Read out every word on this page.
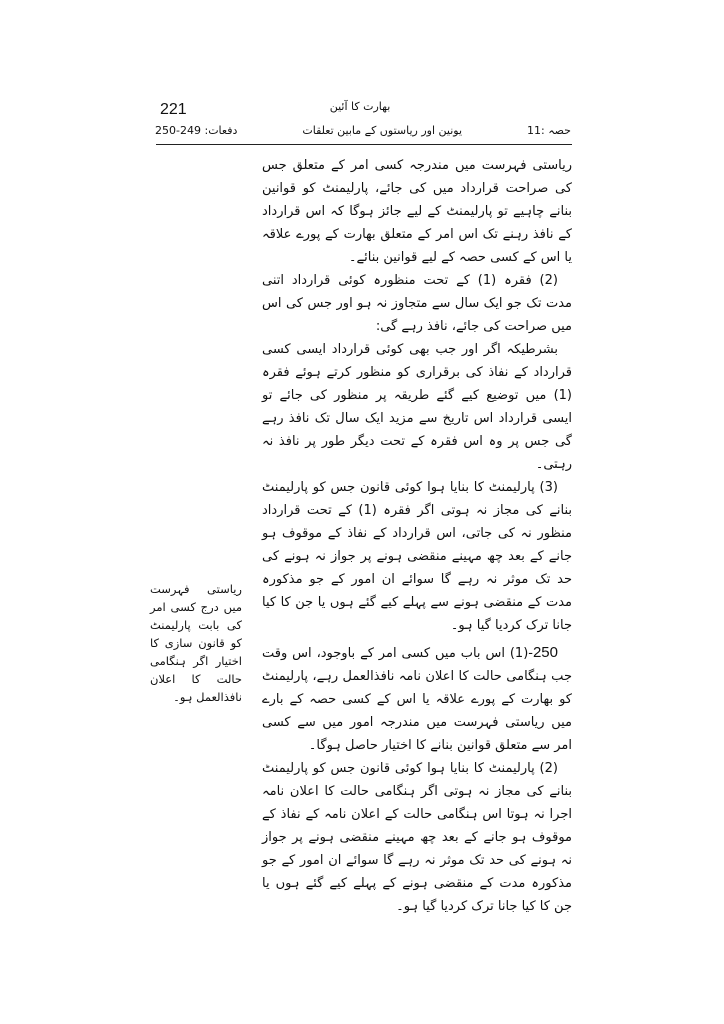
221	بھارت کا آئین
حصہ :11
یونین اور ریاستوں کے مابین تعلقات
دفعات: 249-250

ریاستی فہرست میں مندرجہ کسی امر کے متعلق جس کی صراحت قرارداد میں کی جائے، پارلیمنٹ کو قوانین بنانے چاہیے تو پارلیمنٹ کے لیے جائز ہوگا کہ اس قرارداد کے نافذ رہنے تک اس امر کے متعلق بھارت کے پورے علاقہ یا اس کے کسی حصہ کے لیے قوانین بنائے۔

(2) فقرہ (1) کے تحت منظورہ کوئی قرارداد اتنی مدت تک جو ایک سال سے متجاوز نہ ہو اور جس کی اس میں صراحت کی جائے، نافذ رہے گی:

بشرطیکہ اگر اور جب بھی کوئی قرارداد ایسی کسی قرارداد کے نفاذ کی برقراری کو منظور کرتے ہوئے فقرہ (1) میں توضیع کیے گئے طریقہ پر منظور کی جائے تو ایسی قرارداد اس تاریخ سے مزید ایک سال تک نافذ رہے گی جس پر وہ اس فقرہ کے تحت دیگر طور پر نافذ نہ رہتی۔

(3) پارلیمنٹ کا بنایا ہوا کوئی قانون جس کو پارلیمنٹ بنانے کی مجاز نہ ہوتی اگر فقرہ (1) کے تحت قرارداد منظور نہ کی جاتی، اس قرارداد کے نفاذ کے موقوف ہو جانے کے بعد چھ مہینے منقضی ہونے پر جواز نہ ہونے کی حد تک موثر نہ رہے گا سوائے ان امور کے جو مذکورہ مدت کے منقضی ہونے سے پہلے کیے گئے ہوں یا جن کا کیا جانا ترک کردیا گیا ہو۔

250-(1) اس باب میں کسی امر کے باوجود، اس وقت جب ہنگامی حالت کا اعلان نامہ نافذالعمل رہے، پارلیمنٹ کو بھارت کے پورے علاقہ یا اس کے کسی حصہ کے بارے میں ریاستی فہرست میں مندرجہ امور میں سے کسی امر سے متعلق قوانین بنانے کا اختیار حاصل ہوگا۔

(2) پارلیمنٹ کا بنایا ہوا کوئی قانون جس کو پارلیمنٹ بنانے کی مجاز نہ ہوتی اگر ہنگامی حالت کا اعلان نامہ اجرا نہ ہوتا اس ہنگامی حالت کے اعلان نامہ کے نفاذ کے موقوف ہو جانے کے بعد چھ مہینے منقضی ہونے پر جواز نہ ہونے کی حد تک موثر نہ رہے گا سوائے ان امور کے جو مذکورہ مدت کے منقضی ہونے کے پہلے کیے گئے ہوں یا جن کا کیا جانا ترک کردیا گیا ہو۔

ریاستی فہرست میں درج کسی امر کی بابت پارلیمنٹ کو قانون سازی کا اختیار اگر ہنگامی حالت کا اعلان نافذالعمل ہو۔
